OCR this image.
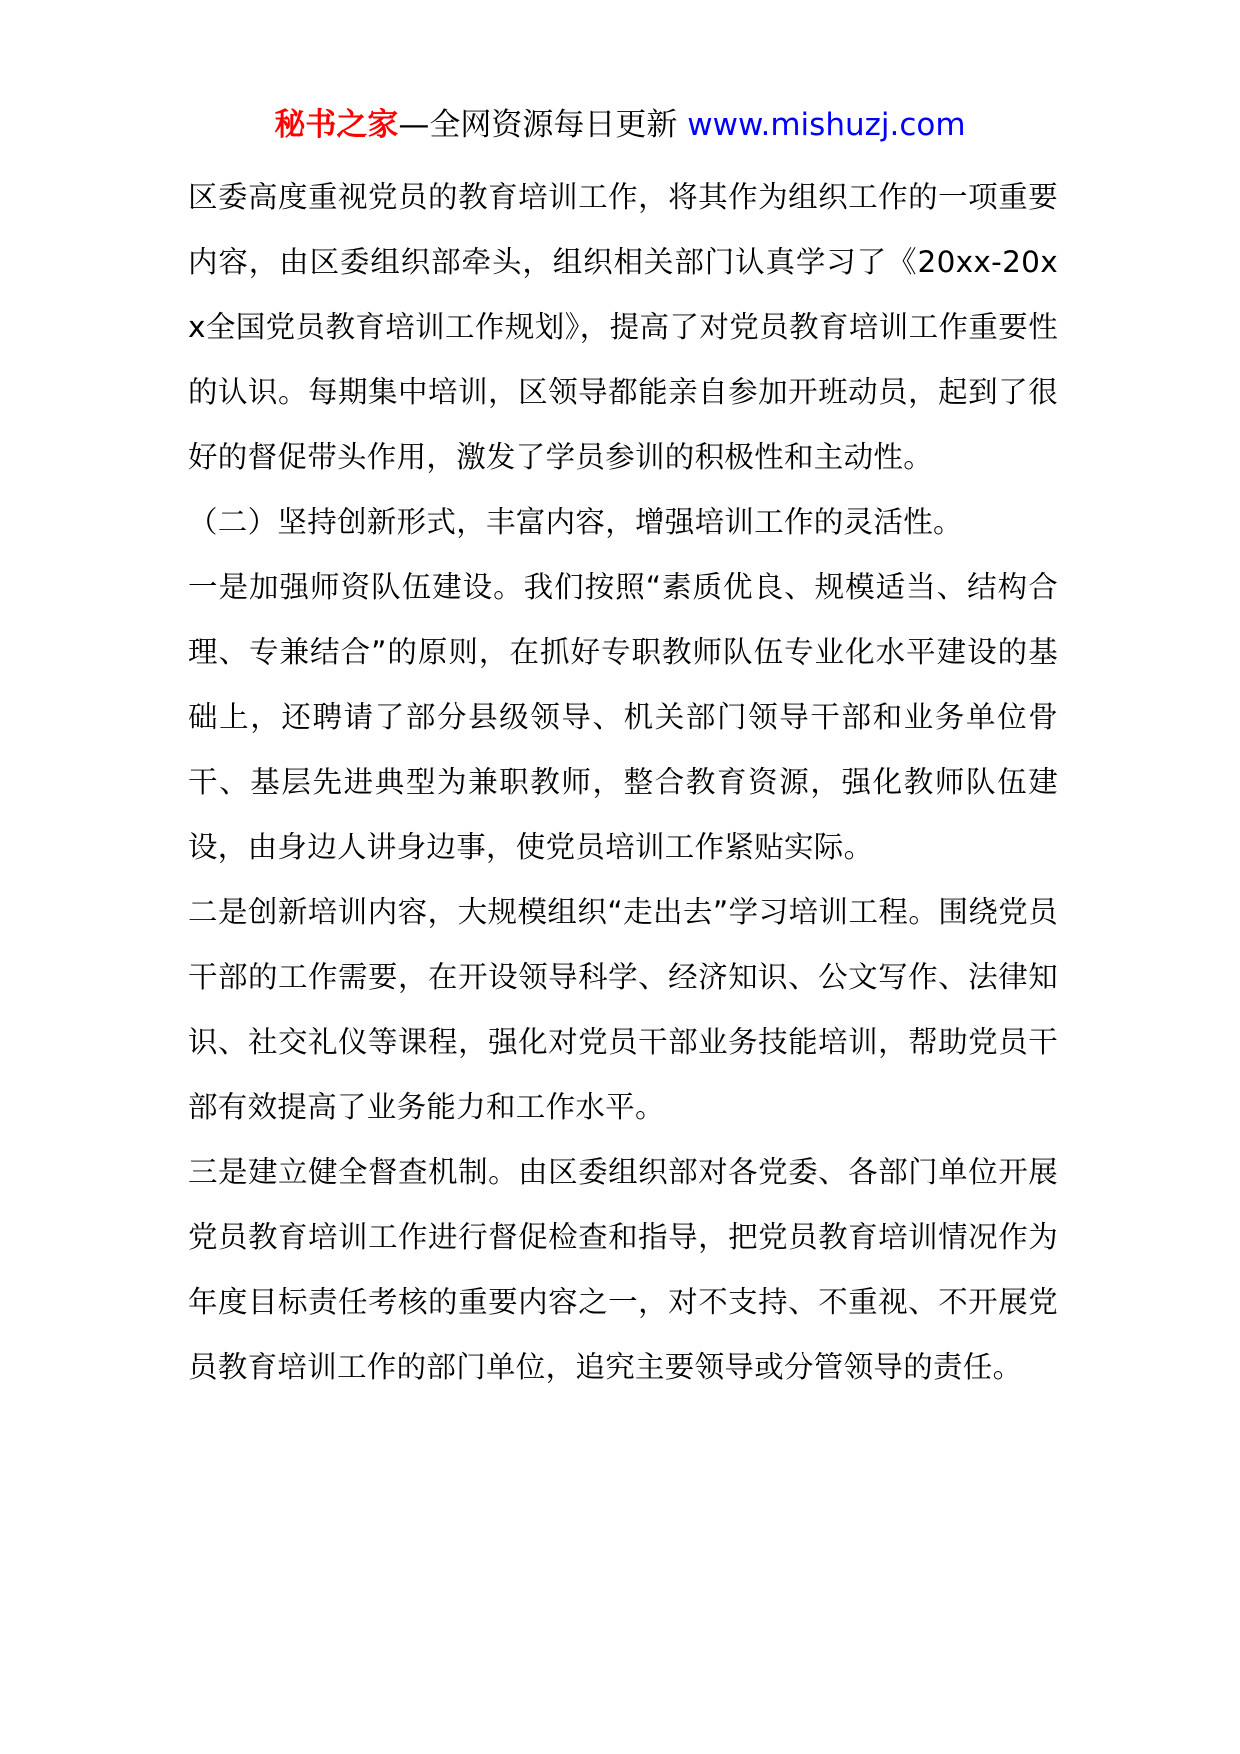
秘书之家—全网资源每日更新 www.mishuzj.com

区委高度重视党员的教育培训工作，将其作为组织工作的一项重要内容，由区委组织部牵头，组织相关部门认真学习了《20xx-20xx全国党员教育培训工作规划》，提高了对党员教育培训工作重要性的认识。每期集中培训，区领导都能亲自参加开班动员，起到了很好的督促带头作用，激发了学员参训的积极性和主动性。

（二）坚持创新形式，丰富内容，增强培训工作的灵活性。

一是加强师资队伍建设。我们按照“素质优良、规模适当、结构合理、专兼结合”的原则，在抓好专职教师队伍专业化水平建设的基础上，还聘请了部分县级领导、机关部门领导干部和业务单位骨干、基层先进典型为兼职教师，整合教育资源，强化教师队伍建设，由身边人讲身边事，使党员培训工作紧贴实际。

二是创新培训内容，大规模组织“走出去”学习培训工程。围绕党员干部的工作需要，在开设领导科学、经济知识、公文写作、法律知识、社交礼仪等课程，强化对党员干部业务技能培训，帮助党员干部有效提高了业务能力和工作水平。

三是建立健全督查机制。由区委组织部对各党委、各部门单位开展党员教育培训工作进行督促检查和指导，把党员教育培训情况作为年度目标责任考核的重要内容之一，对不支持、不重视、不开展党员教育培训工作的部门单位，追究主要领导或分管领导的责任。
